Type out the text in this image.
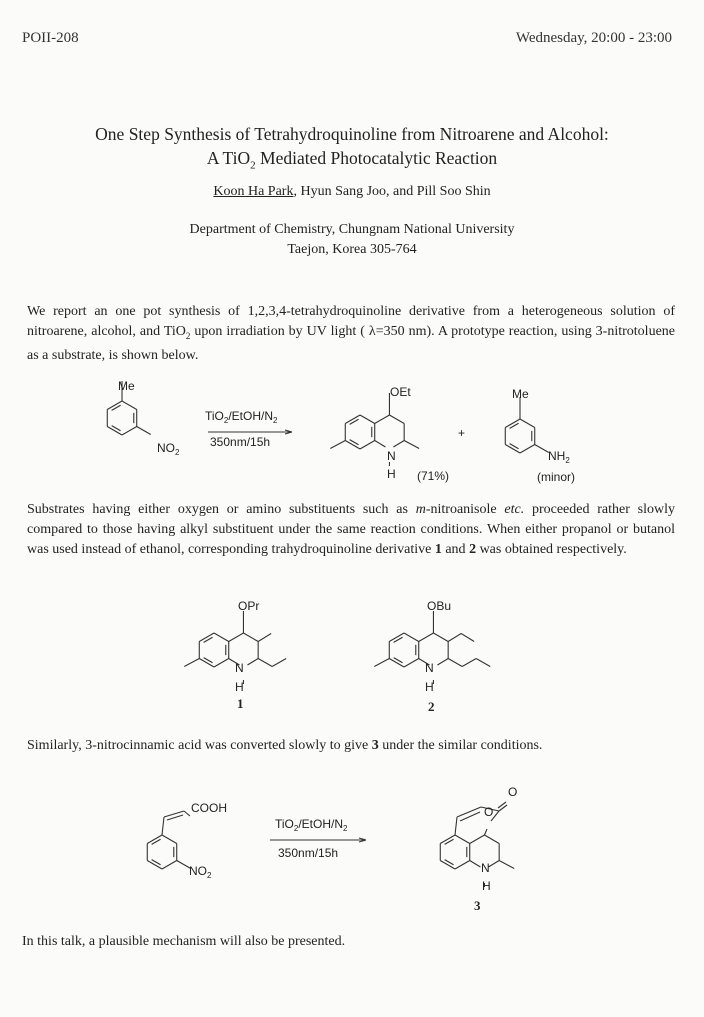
POII-208	Wednesday, 20:00 - 23:00
One Step Synthesis of Tetrahydroquinoline from Nitroarene and Alcohol:
A TiO$_2$ Mediated Photocatalytic Reaction
Koon Ha Park, Hyun Sang Joo, and Pill Soo Shin
Department of Chemistry, Chungnam National University
Taejon, Korea 305-764
We report an one pot synthesis of 1,2,3,4-tetrahydroquinoline derivative from a heterogeneous solution of nitroarene, alcohol, and TiO$_2$ upon irradiation by UV light ( λ=350 nm). A prototype reaction, using 3-nitrotoluene as a substrate, is shown below.
Substrates having either oxygen or amino substituents such as m-nitroanisole etc. proceeded rather slowly compared to those having alkyl substituent under the same reaction conditions. When either propanol or butanol was used instead of ethanol, corresponding trahydroquinoline derivative 1 and 2 was obtained respectively.
Similarly, 3-nitrocinnamic acid was converted slowly to give 3 under the similar conditions.
In this talk, a plausible mechanism will also be presented.
Me
$NO_2$
$TiO_2/EtOH/N_2$
350nm/15h
OEt
N
H (71%)
+
Me
$NH_2$
(minor)
OPr
N
H
1
OBu
N
H
2
COOH
$NO_2$
$TiO_2/EtOH/N_2$
350nm/15h
O
O
N
H
3
